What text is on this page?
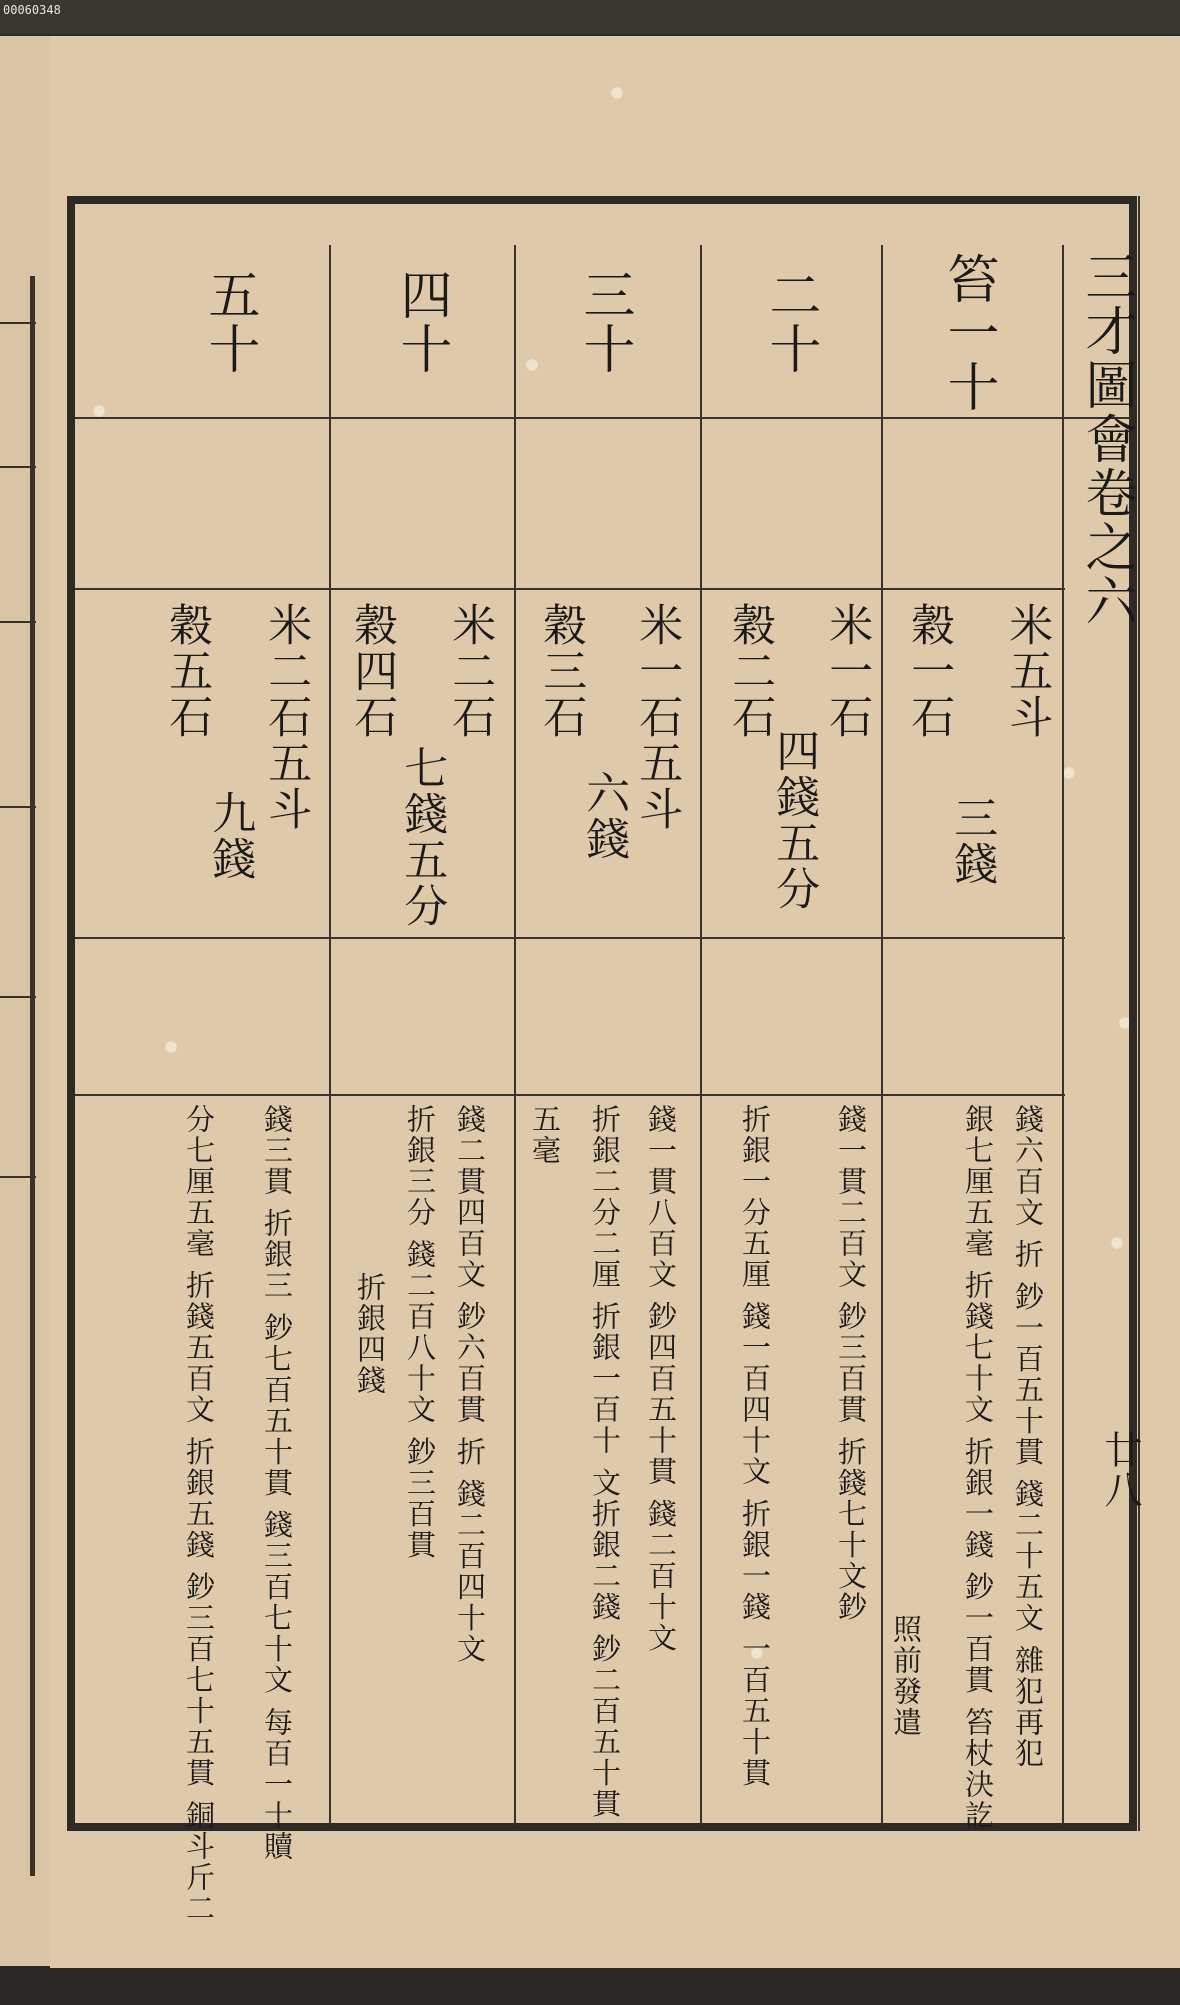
00060348
三才圖會卷之六
廿八
笞一十
米五斗
穀一石
三錢
錢六百文 折 鈔一百五十貫 錢二十五文 雜犯再犯
銀七厘五毫 折錢七十文 折銀一錢 鈔一百貫 笞杖決訖
照前發遣
二十
米一石
穀二石
四錢五分
錢一貫二百文 鈔三百貫 折錢七十文鈔
折銀一分五厘 錢一百四十文 折銀一錢 一百五十貫
三十
米一石五斗
穀三石
六錢
錢一貫八百文 鈔四百五十貫 錢二百十文
折銀二分二厘 折銀一百十 文折銀二錢 鈔二百五十貫
五毫
四十
米二石
穀四石
七錢五分
錢二貫四百文 鈔六百貫 折 錢二百四十文
折銀三分 錢二百八十文 鈔三百貫
折銀四錢
五十
米二石五斗
穀五石
九錢
錢三貫 折銀三 鈔七百五十貫 錢三百七十文 每百一十贖
分七厘五毫 折錢五百文 折銀五錢 鈔三百七十五貫 銅斗斤二
